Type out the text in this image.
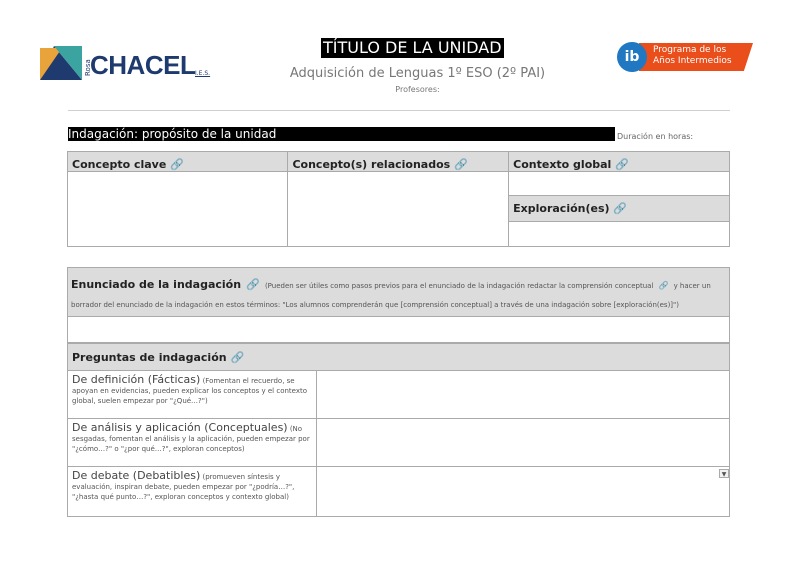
Rosa
CHACEL I.E.S.
TÍTULO DE LA UNIDAD
Adquisición de Lenguas 1º ESO (2º PAI)
Profesores:
ib	Programa de los
Años Intermedios
Indagación: propósito de la unidad	Duración en horas:
Concepto clave 🔗	Concepto(s) relacionados 🔗	Contexto global 🔗

		Exploración(es) 🔗

Enunciado de la indagación 🔗 (Pueden ser útiles como pasos previos para el enunciado de la indagación redactar la comprensión conceptual 🔗 y hacer un borrador del enunciado de la indagación en estos términos: "Los alumnos comprenderán que [comprensión conceptual] a través de una indagación sobre [exploración(es)]")

Preguntas de indagación 🔗	
De definición (Fácticas) (Fomentan el recuerdo, se apoyan en evidencias, pueden explicar los conceptos y el contexto global, suelen empezar por "¿Qué…?")	
De análisis y aplicación (Conceptuales) (No sesgadas, fomentan el análisis y la aplicación, pueden empezar por "¿cómo…?" o "¿por qué…?", exploran conceptos)	
De debate (Debatibles) (promueven síntesis y evaluación, inspiran debate, pueden empezar por "¿podría…?", "¿hasta qué punto…?", exploran conceptos y contexto global)	
▼
